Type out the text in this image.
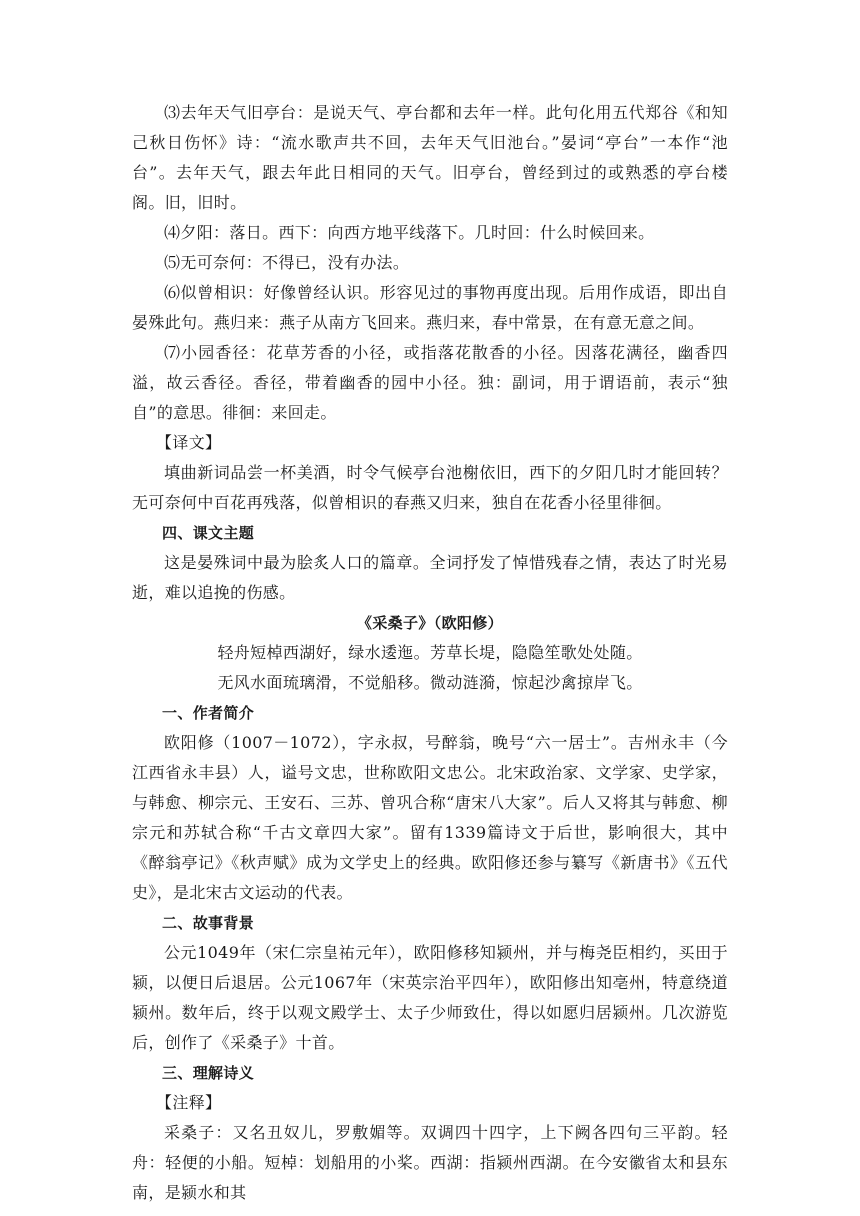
⑶去年天气旧亭台：是说天气、亭台都和去年一样。此句化用五代郑谷《和知己秋日伤怀》诗：“流水歌声共不回，去年天气旧池台。”晏词“亭台”一本作“池台”。去年天气，跟去年此日相同的天气。旧亭台，曾经到过的或熟悉的亭台楼阁。旧，旧时。

⑷夕阳：落日。西下：向西方地平线落下。几时回：什么时候回来。

⑸无可奈何：不得已，没有办法。

⑹似曾相识：好像曾经认识。形容见过的事物再度出现。后用作成语，即出自晏殊此句。燕归来：燕子从南方飞回来。燕归来，春中常景，在有意无意之间。

⑺小园香径：花草芳香的小径，或指落花散香的小径。因落花满径，幽香四溢，故云香径。香径，带着幽香的园中小径。独：副词，用于谓语前，表示“独自”的意思。徘徊：来回走。

【译文】

填曲新词品尝一杯美酒，时令气候亭台池榭依旧，西下的夕阳几时才能回转？无可奈何中百花再残落，似曾相识的春燕又归来，独自在花香小径里徘徊。

四、课文主题

这是晏殊词中最为脍炙人口的篇章。全词抒发了悼惜残春之情，表达了时光易逝，难以追挽的伤感。

《采桑子》（欧阳修）

轻舟短棹西湖好，绿水逶迤。芳草长堤，隐隐笙歌处处随。

无风水面琉璃滑，不觉船移。微动涟漪，惊起沙禽掠岸飞。

一、作者简介

欧阳修（1007－1072），字永叔，号醉翁，晚号“六一居士”。吉州永丰（今江西省永丰县）人，谥号文忠，世称欧阳文忠公。北宋政治家、文学家、史学家，与韩愈、柳宗元、王安石、三苏、曾巩合称“唐宋八大家”。后人又将其与韩愈、柳宗元和苏轼合称“千古文章四大家”。留有1339篇诗文于后世，影响很大，其中《醉翁亭记》《秋声赋》成为文学史上的经典。欧阳修还参与纂写《新唐书》《五代史》，是北宋古文运动的代表。

二、故事背景

公元1049年（宋仁宗皇祐元年），欧阳修移知颍州，并与梅尧臣相约，买田于颍，以便日后退居。公元1067年（宋英宗治平四年），欧阳修出知亳州，特意绕道颍州。数年后，终于以观文殿学士、太子少师致仕，得以如愿归居颍州。几次游览后，创作了《采桑子》十首。

三、理解诗义

【注释】

采桑子：又名丑奴儿，罗敷媚等。双调四十四字，上下阙各四句三平韵。轻舟：轻便的小船。短棹：划船用的小桨。西湖：指颍州西湖。在今安徽省太和县东南，是颍水和其
